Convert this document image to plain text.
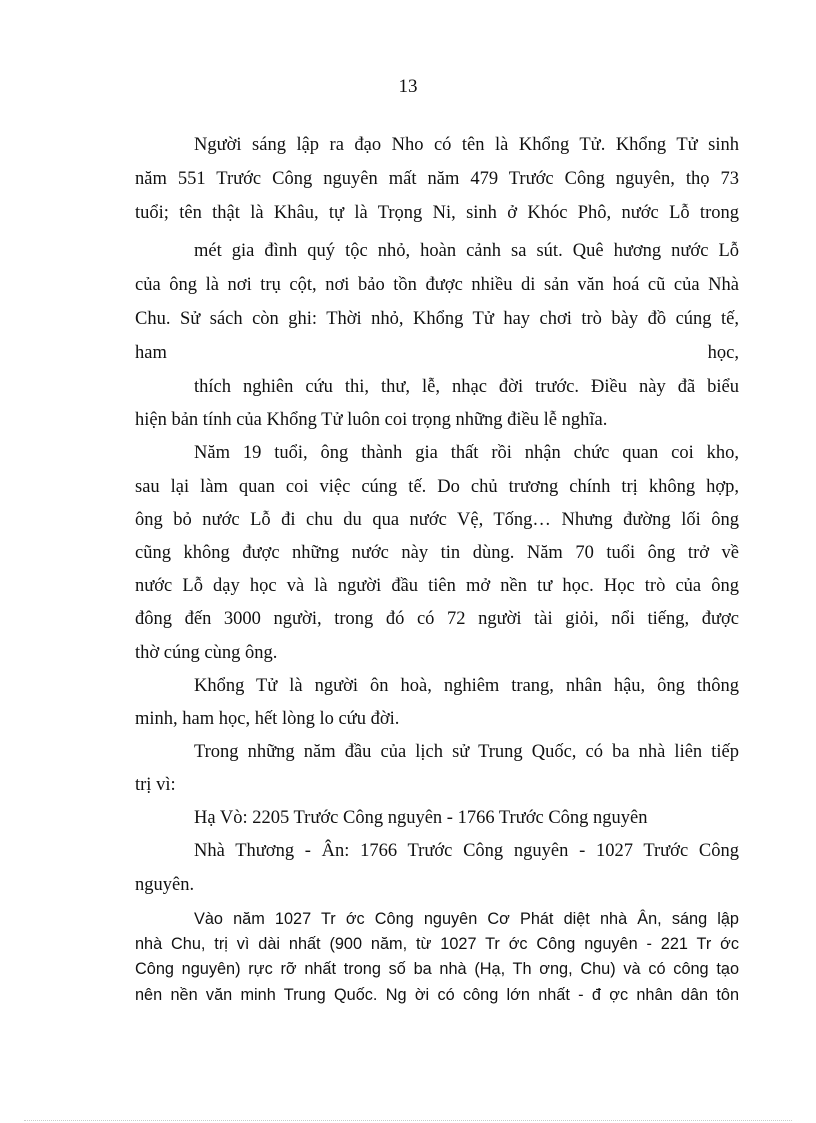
13
Người sáng lập ra đạo Nho có tên là Khổng Tử. Khổng Tử sinh
năm 551 Trước Công nguyên mất năm 479 Trước Công nguyên, thọ 73
tuổi; tên thật là Khâu, tự là Trọng Ni, sinh ở Khóc Phô, nước Lỗ trong
mét gia đình quý tộc nhỏ, hoàn cảnh sa sút. Quê hương nước Lỗ
của ông là nơi trụ cột, nơi bảo tồn được nhiều di sản văn hoá cũ của Nhà
Chu. Sử sách còn ghi: Thời nhỏ, Khổng Tử hay chơi trò bày đồ cúng tế,
ham học,
thích nghiên cứu thi, thư, lễ, nhạc đời trước. Điều này đã biểu
hiện bản tính của Khổng Tử luôn coi trọng những điều lễ nghĩa.
Năm 19 tuổi, ông thành gia thất rồi nhận chức quan coi kho,
sau lại làm quan coi việc cúng tế. Do chủ trương chính trị không hợp,
ông bỏ nước Lỗ đi chu du qua nước Vệ, Tống… Nhưng đường lối ông
cũng không được những nước này tin dùng. Năm 70 tuổi ông trở về
nước Lỗ dạy học và là người đầu tiên mở nền tư học. Học trò của ông
đông đến 3000 người, trong đó có 72 người tài giỏi, nổi tiếng, được
thờ cúng cùng ông.
Khổng Tử là người ôn hoà, nghiêm trang, nhân hậu, ông thông
minh, ham học, hết lòng lo cứu đời.
Trong những năm đầu của lịch sử Trung Quốc, có ba nhà liên tiếp
trị vì:
Hạ Vò: 2205 Trước Công nguyên - 1766 Trước Công nguyên
Nhà Thương - Ân: 1766 Trước Công nguyên - 1027 Trước Công
nguyên.
Vào năm 1027 Tr ớc Công nguyên Cơ Phát diệt nhà Ân, sáng lập
nhà Chu, trị vì dài nhất (900 năm, từ 1027 Tr ớc Công nguyên - 221 Tr ớc
Công nguyên) rực rỡ nhất trong số ba nhà (Hạ, Th ơng, Chu) và có công tạo
nên nền văn minh Trung Quốc. Ng ời có công lớn nhất - đ ợc nhân dân tôn
